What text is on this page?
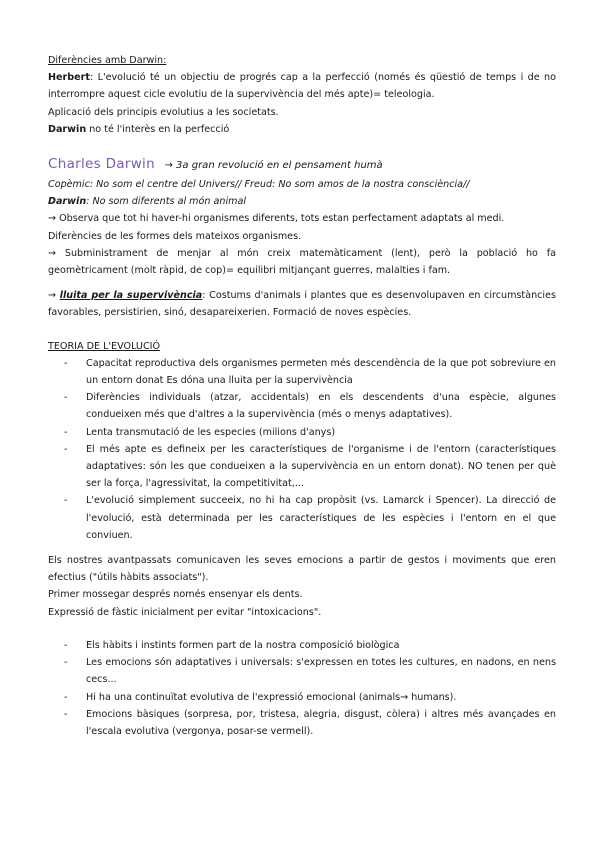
Diferències amb Darwin:

Herbert: L'evolució té un objectiu de progrés cap a la perfecció (només és qüestió de temps i de no interrompre aquest cicle evolutiu de la supervivència del més apte)= teleologia.

Aplicació dels principis evolutius a les societats.

Darwin no té l'interès en la perfecció

Charles Darwin → 3a gran revolució en el pensament humà

Copèmic: No som el centre del Univers// Freud: No som amos de la nostra consciència//

Darwin: No som diferents al món animal

→ Observa que tot hi haver-hi organismes diferents, tots estan perfectament adaptats al medi.

Diferències de les formes dels mateixos organismes.

→ Subministrament de menjar al món creix matemàticament (lent), però la població ho fa geomètricament (molt ràpid, de cop)= equilibri mitjançant guerres, malalties i fam.

→ lluita per la supervivència: Costums d'animals i plantes que es desenvolupaven en circumstàncies favorables, persistirien, sinó, desapareixerien. Formació de noves espècies.

TEORIA DE L'EVOLUCIÓ

- Capacitat reproductiva dels organismes permeten més descendència de la que pot sobreviure en un entorn donat Es dóna una lluita per la supervivència
- Diferències individuals (atzar, accidentals) en els descendents d'una espècie, algunes condueixen més que d'altres a la supervivència (més o menys adaptatives).
- Lenta transmutació de les especies (milions d'anys)
- El més apte es defineix per les característiques de l'organisme i de l'entorn (característiques adaptatives: són les que condueixen a la supervivència en un entorn donat). NO tenen per què ser la força, l'agressivitat, la competitivitat,...
- L'evolució simplement succeeix, no hi ha cap propòsit (vs. Lamarck i Spencer). La direcció de l'evolució, està determinada per les característiques de les espècies i l'entorn en el que conviuen.

Els nostres avantpassats comunicaven les seves emocions a partir de gestos i moviments que eren efectius ("útils hàbits associats").

Primer mossegar després només ensenyar els dents.

Expressió de fàstic inicialment per evitar "intoxicacions".

- Els hàbits i instints formen part de la nostra composició biològica
- Les emocions són adaptatives i universals: s'expressen en totes les cultures, en nadons, en nens cecs...
- Hi ha una continuïtat evolutiva de l'expressió emocional (animals→ humans).
- Emocions bàsiques (sorpresa, por, tristesa, alegria, disgust, còlera) i altres més avançades en l'escala evolutiva (vergonya, posar-se vermell).
